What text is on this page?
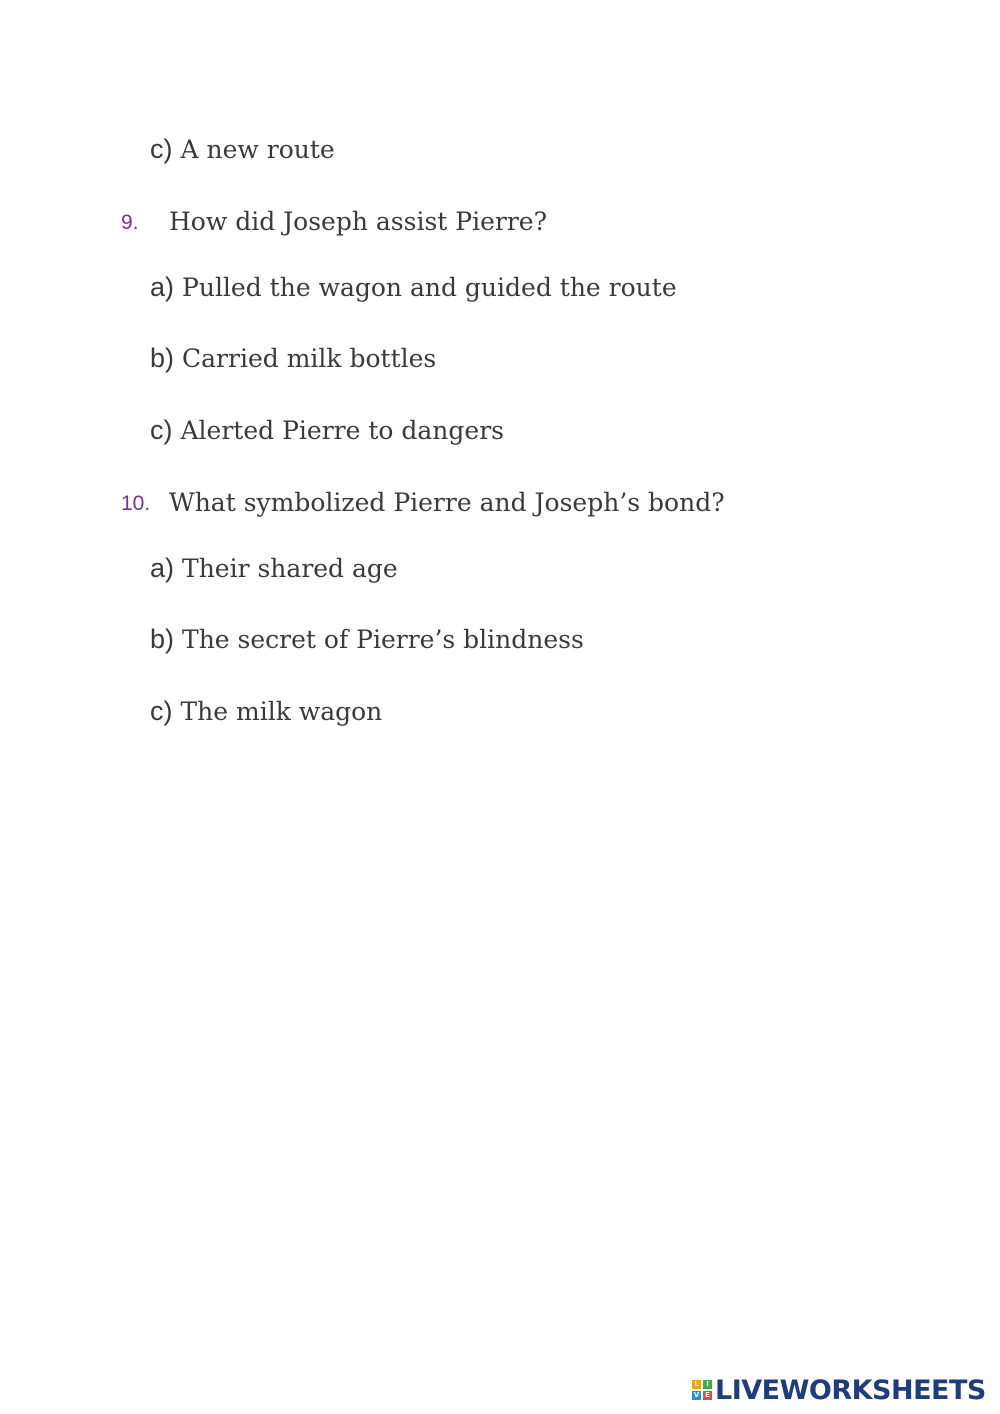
c) A new route
9. How did Joseph assist Pierre?
a) Pulled the wagon and guided the route
b) Carried milk bottles
c) Alerted Pierre to dangers
10. What symbolized Pierre and Joseph’s bond?
a) Their shared age
b) The secret of Pierre’s blindness
c) The milk wagon
L	I
V E LIVEWORKSHEETS
